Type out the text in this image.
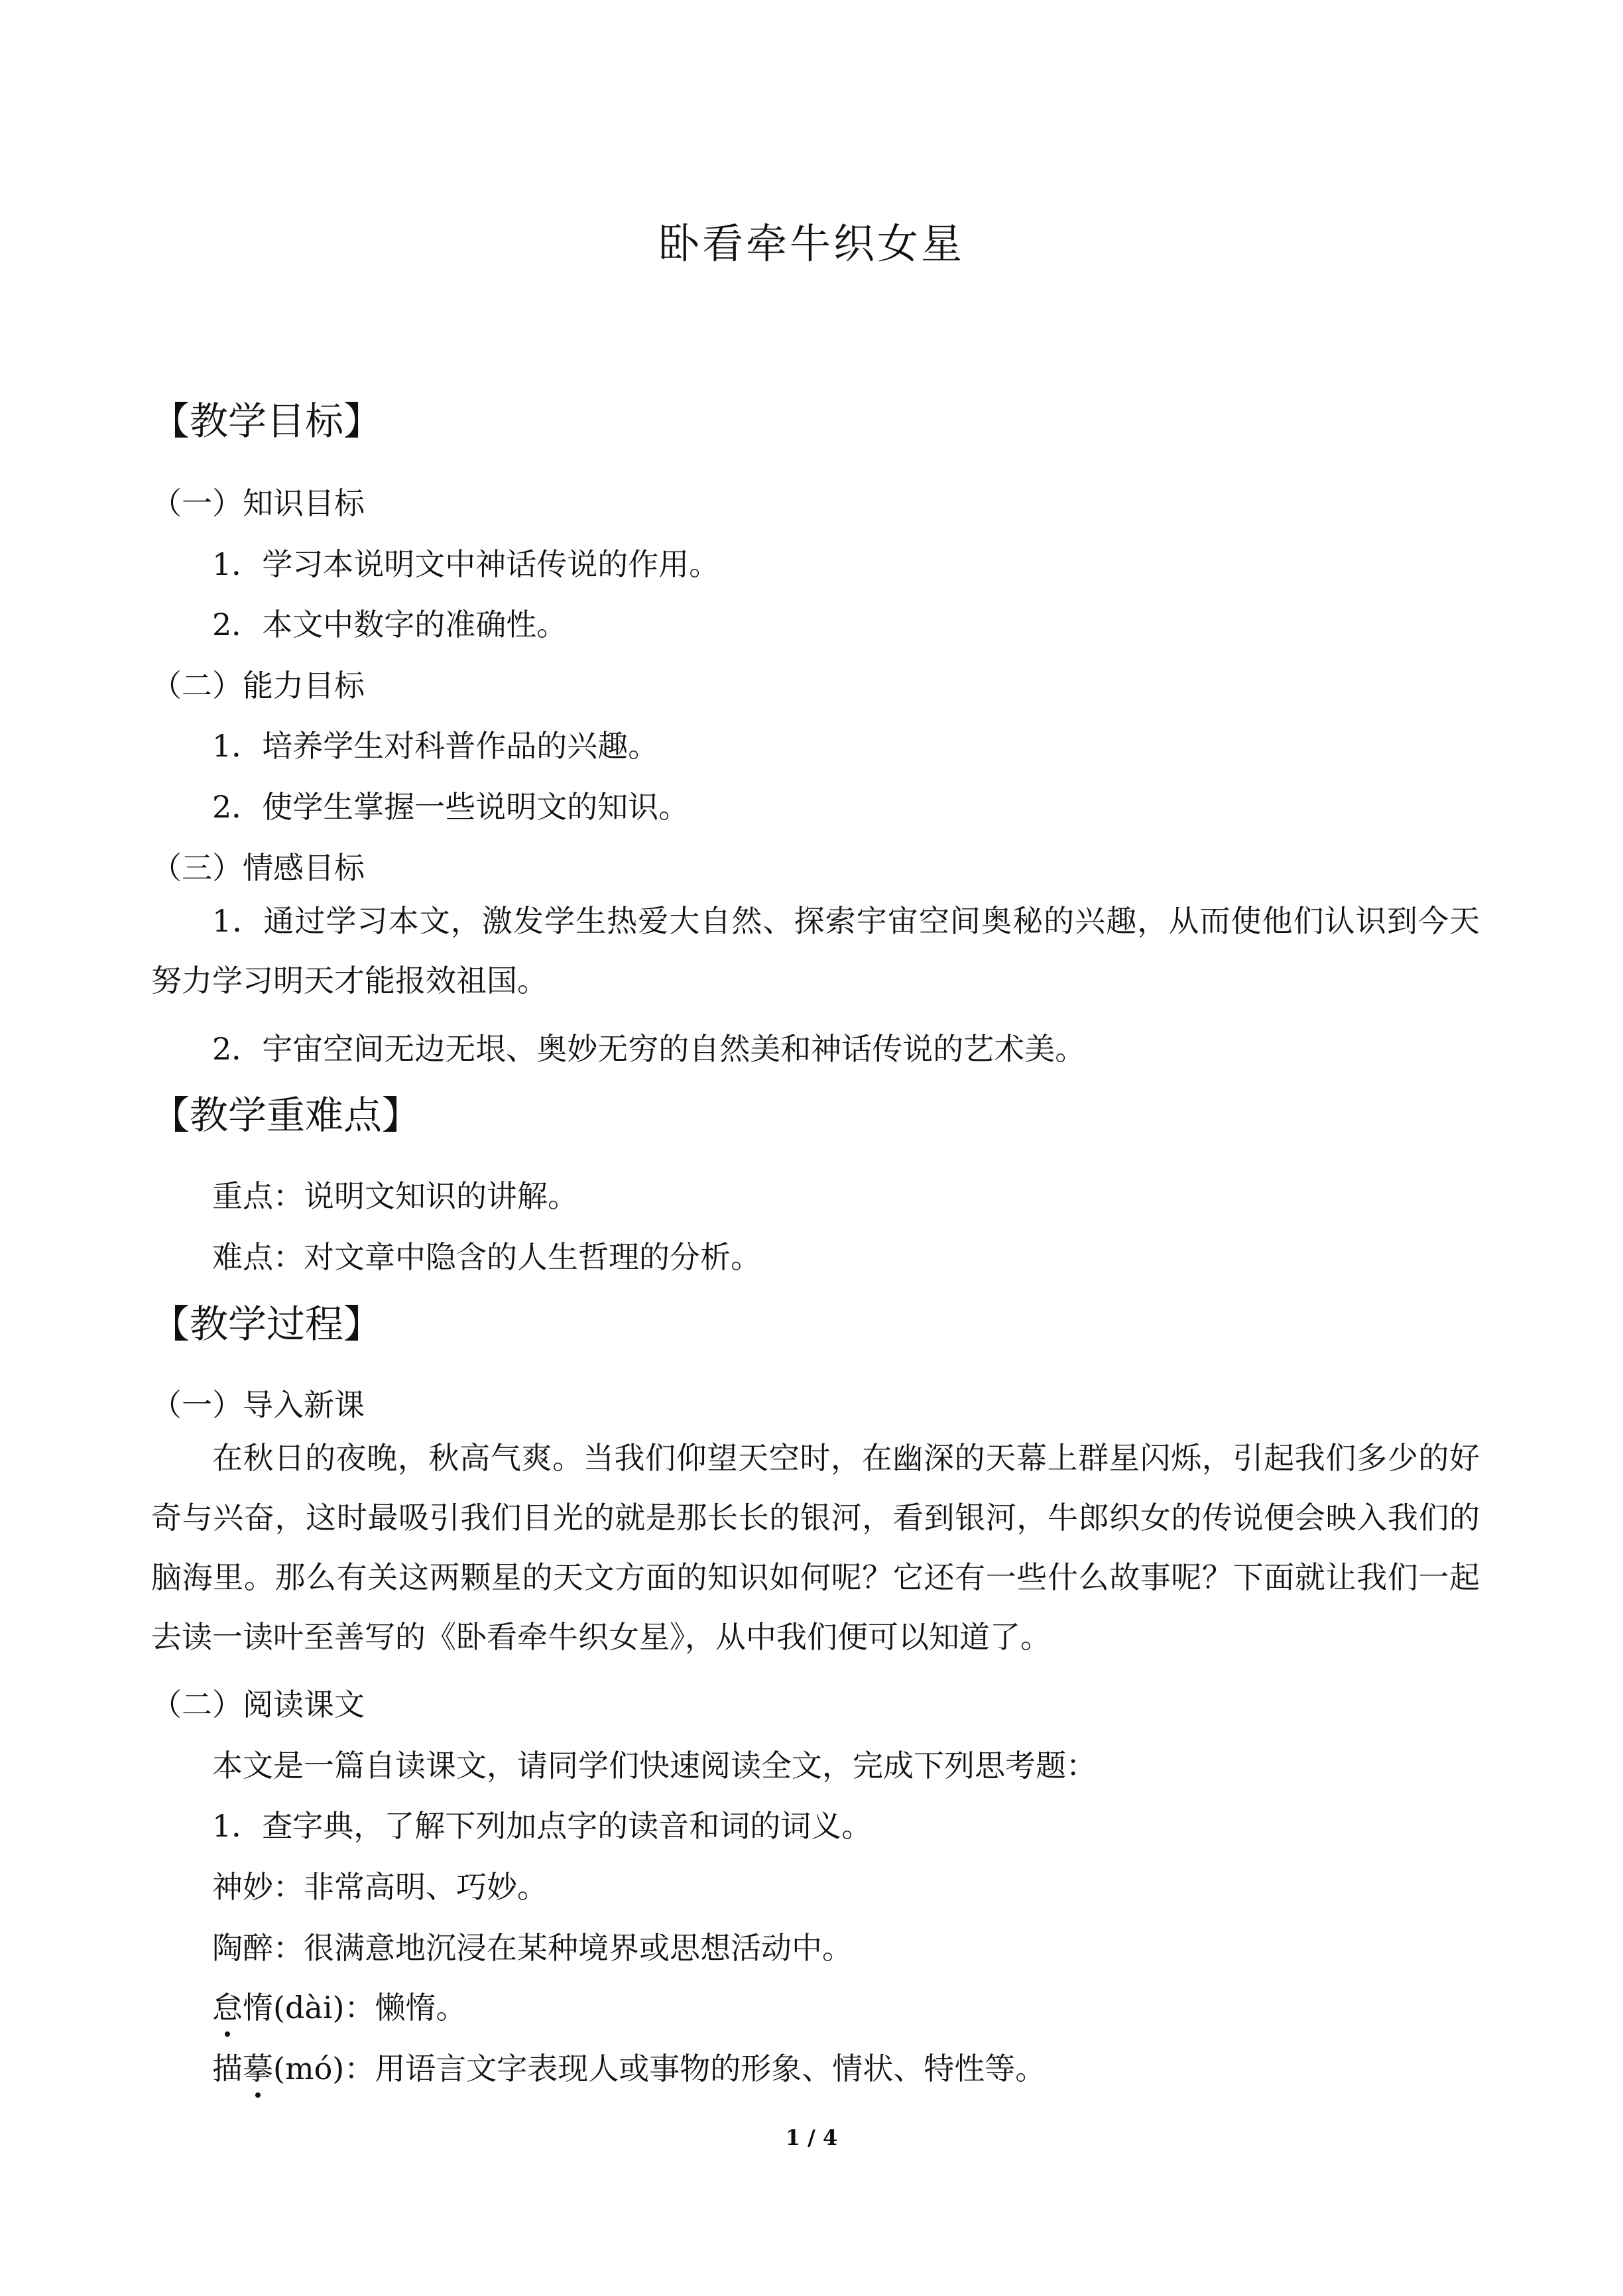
卧看牵牛织女星
【教学目标】
（一）知识目标
1．学习本说明文中神话传说的作用。
2．本文中数字的准确性。
（二）能力目标
1．培养学生对科普作品的兴趣。
2．使学生掌握一些说明文的知识。
（三）情感目标
1．通过学习本文，激发学生热爱大自然、探索宇宙空间奥秘的兴趣，从而使他们认识到今天努力学习明天才能报效祖国。
2．宇宙空间无边无垠、奥妙无穷的自然美和神话传说的艺术美。
【教学重难点】
重点：说明文知识的讲解。
难点：对文章中隐含的人生哲理的分析。
【教学过程】
（一）导入新课
在秋日的夜晚，秋高气爽。当我们仰望天空时，在幽深的天幕上群星闪烁，引起我们多少的好奇与兴奋，这时最吸引我们目光的就是那长长的银河，看到银河，牛郎织女的传说便会映入我们的脑海里。那么有关这两颗星的天文方面的知识如何呢？它还有一些什么故事呢？下面就让我们一起去读一读叶至善写的《卧看牵牛织女星》，从中我们便可以知道了。
（二）阅读课文
本文是一篇自读课文，请同学们快速阅读全文，完成下列思考题：
1．查字典，了解下列加点字的读音和词的词义。
神妙：非常高明、巧妙。
陶醉：很满意地沉浸在某种境界或思想活动中。
怠惰(dài)：懒惰。
描摹(mó)：用语言文字表现人或事物的形象、情状、特性等。
1 / 4
